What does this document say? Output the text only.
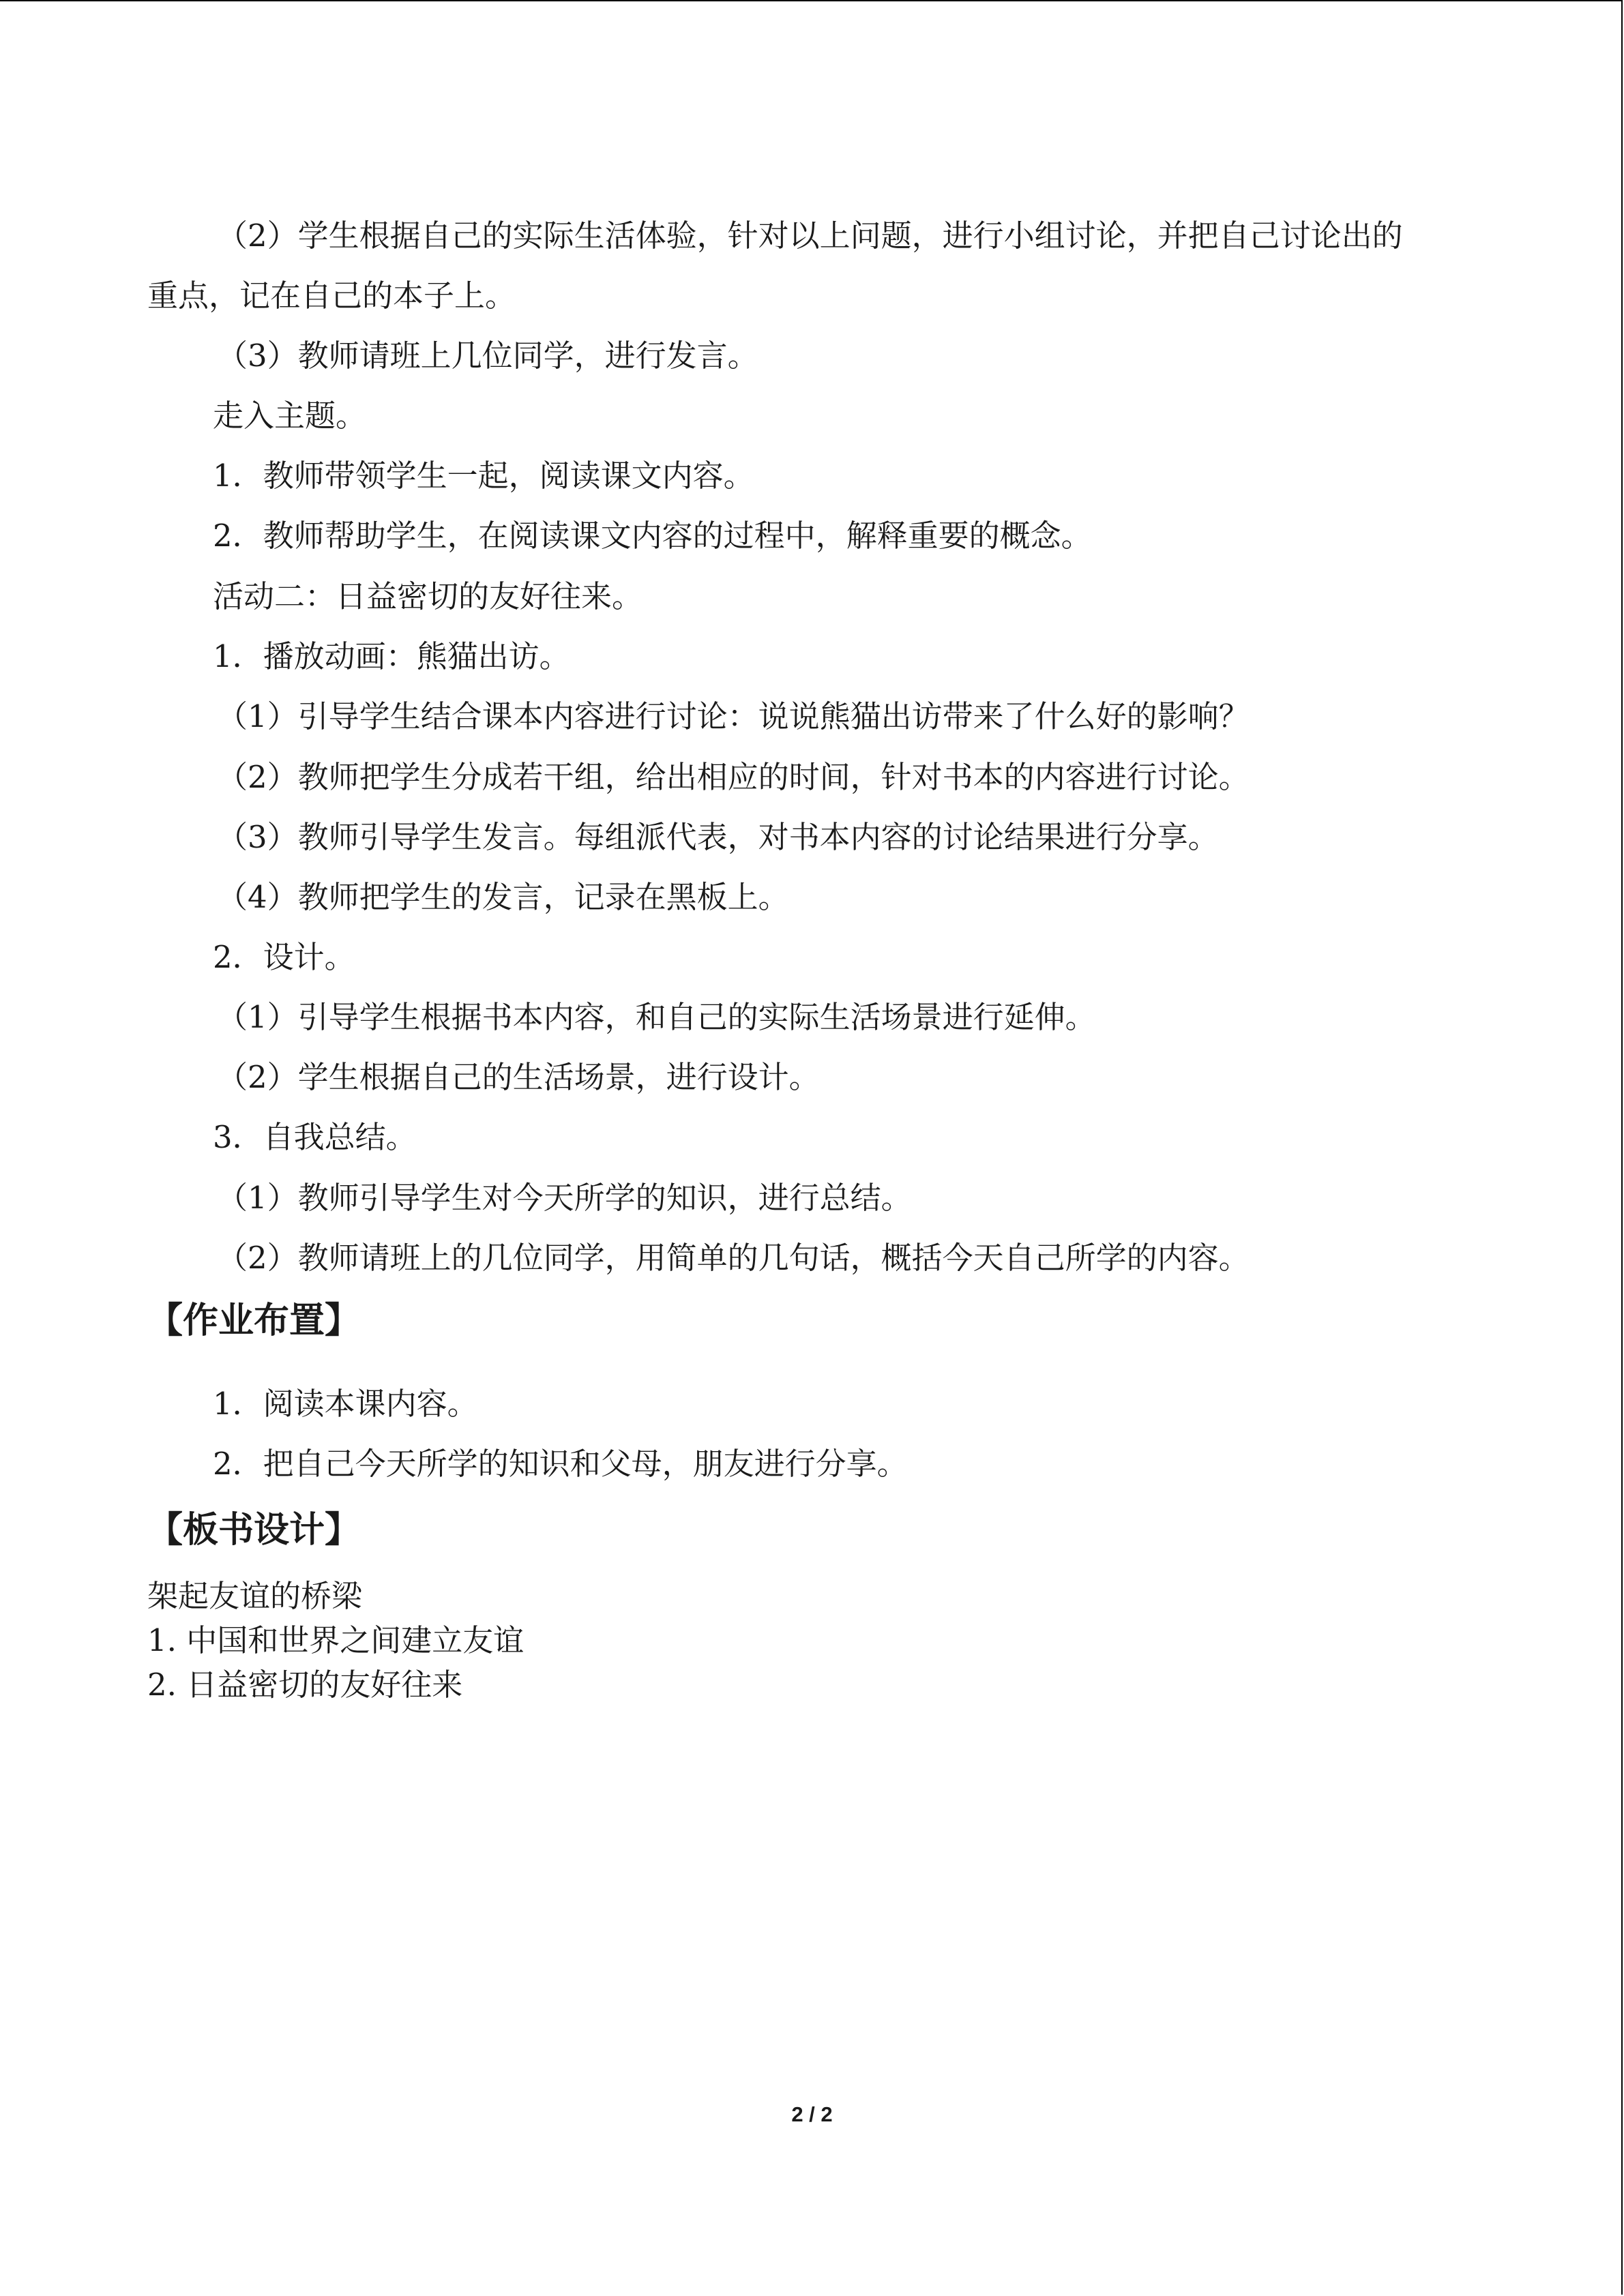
（2）学生根据自己的实际生活体验，针对以上问题，进行小组讨论，并把自己讨论出的
重点，记在自己的本子上。
（3）教师请班上几位同学，进行发言。
走入主题。
1．教师带领学生一起，阅读课文内容。
2．教师帮助学生，在阅读课文内容的过程中，解释重要的概念。
活动二：日益密切的友好往来。
1．播放动画：熊猫出访。
（1）引导学生结合课本内容进行讨论：说说熊猫出访带来了什么好的影响？
（2）教师把学生分成若干组，给出相应的时间，针对书本的内容进行讨论。
（3）教师引导学生发言。每组派代表，对书本内容的讨论结果进行分享。
（4）教师把学生的发言，记录在黑板上。
2．设计。
（1）引导学生根据书本内容，和自己的实际生活场景进行延伸。
（2）学生根据自己的生活场景，进行设计。
3．自我总结。
（1）教师引导学生对今天所学的知识，进行总结。
（2）教师请班上的几位同学，用简单的几句话，概括今天自己所学的内容。
【作业布置】
1．阅读本课内容。
2．把自己今天所学的知识和父母，朋友进行分享。
【板书设计】
架起友谊的桥梁
1. 中国和世界之间建立友谊
2. 日益密切的友好往来
2 / 2
